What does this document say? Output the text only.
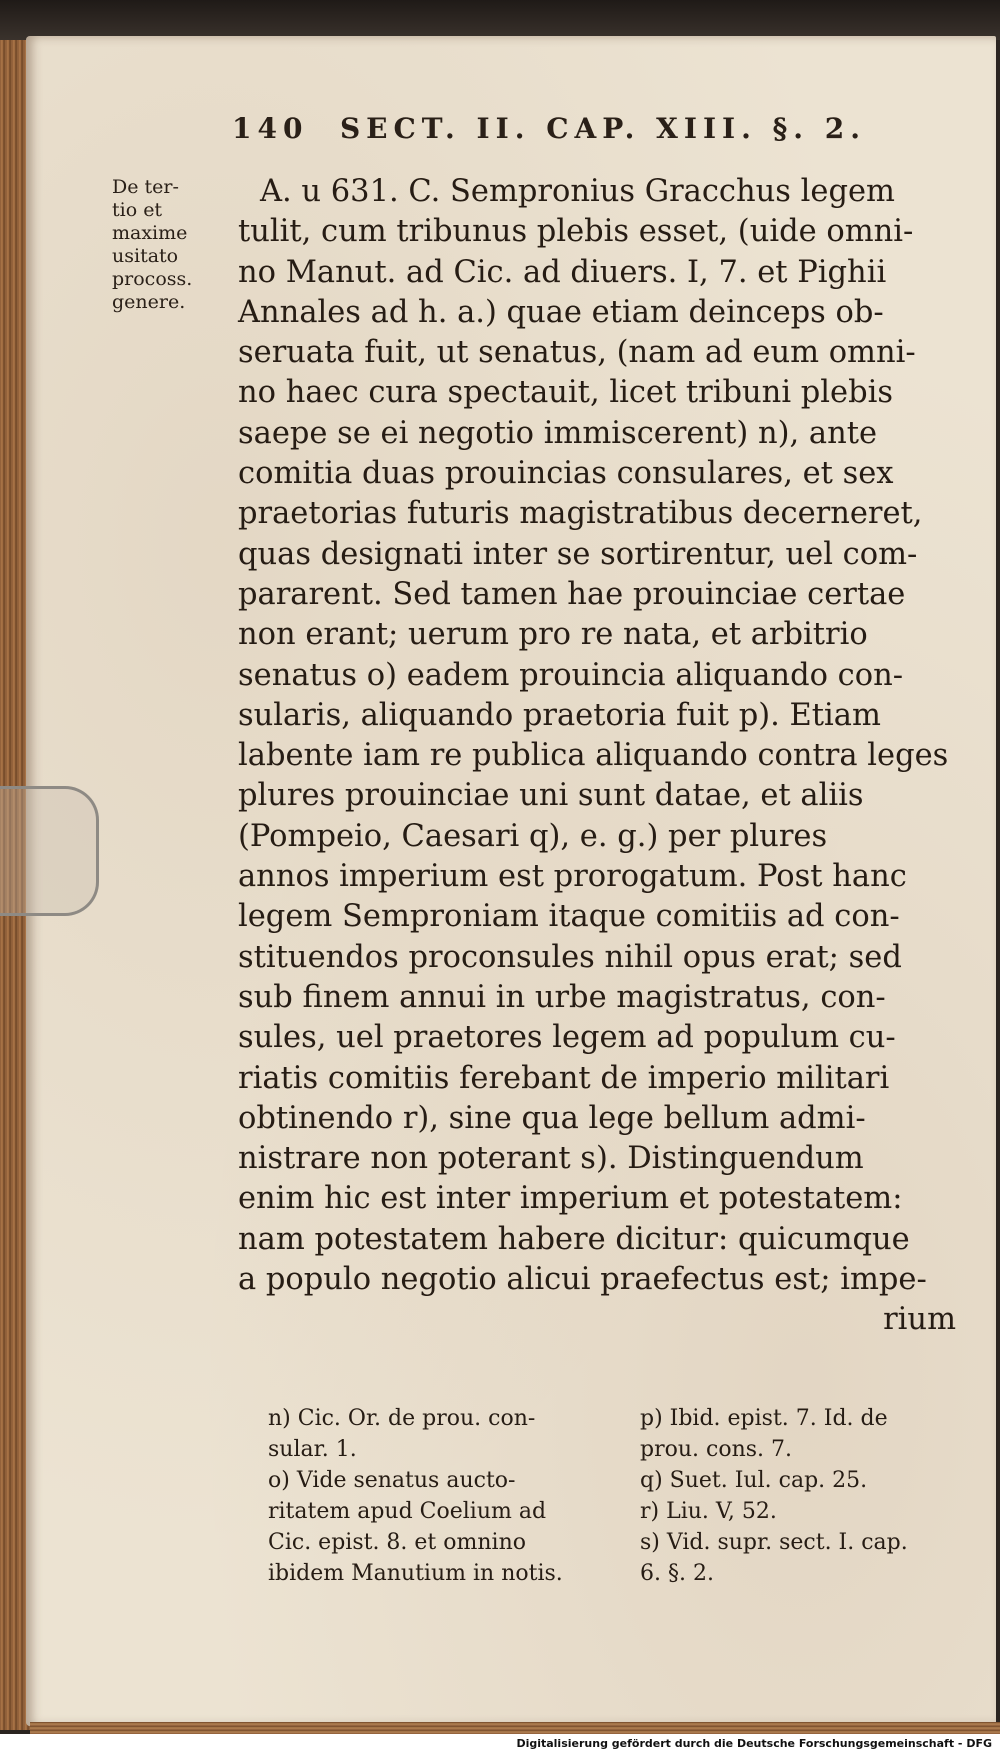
140  SECT. II. CAP. XIII. §. 2.
De ter-
tio et
maxime
usitato
procoss.
genere.
A. u 631. C. Sempronius Gracchus legem
tulit, cum tribunus plebis esset, (uide omni-
no Manut. ad Cic. ad diuers. I, 7. et Pighii
Annales ad h. a.) quae etiam deinceps ob-
seruata fuit, ut senatus, (nam ad eum omni-
no haec cura spectauit, licet tribuni plebis
saepe se ei negotio immiscerent) n), ante
comitia duas prouincias consulares, et sex
praetorias futuris magistratibus decerneret,
quas designati inter se sortirentur, uel com-
pararent. Sed tamen hae prouinciae certae
non erant; uerum pro re nata, et arbitrio
senatus o) eadem prouincia aliquando con-
sularis, aliquando praetoria fuit p). Etiam
labente iam re publica aliquando contra leges
plures prouinciae uni sunt datae, et aliis
(Pompeio, Caesari q), e. g.) per plures
annos imperium est prorogatum. Post hanc
legem Semproniam itaque comitiis ad con-
stituendos proconsules nihil opus erat; sed
sub finem annui in urbe magistratus, con-
sules, uel praetores legem ad populum cu-
riatis comitiis ferebant de imperio militari
obtinendo r), sine qua lege bellum admi-
nistrare non poterant s). Distinguendum
enim hic est inter imperium et potestatem:
nam potestatem habere dicitur: quicumque
a populo negotio alicui praefectus est; impe-
rium
n) Cic. Or. de prou. con-
sular. 1.
o) Vide senatus aucto-
ritatem apud Coelium ad
Cic. epist. 8. et omnino
ibidem Manutium in notis.
p) Ibid. epist. 7. Id. de
prou. cons. 7.
q) Suet. Iul. cap. 25.
r) Liu. V, 52.
s) Vid. supr. sect. I. cap.
6. §. 2.
Digitalisierung gefördert durch die Deutsche Forschungsgemeinschaft - DFG
